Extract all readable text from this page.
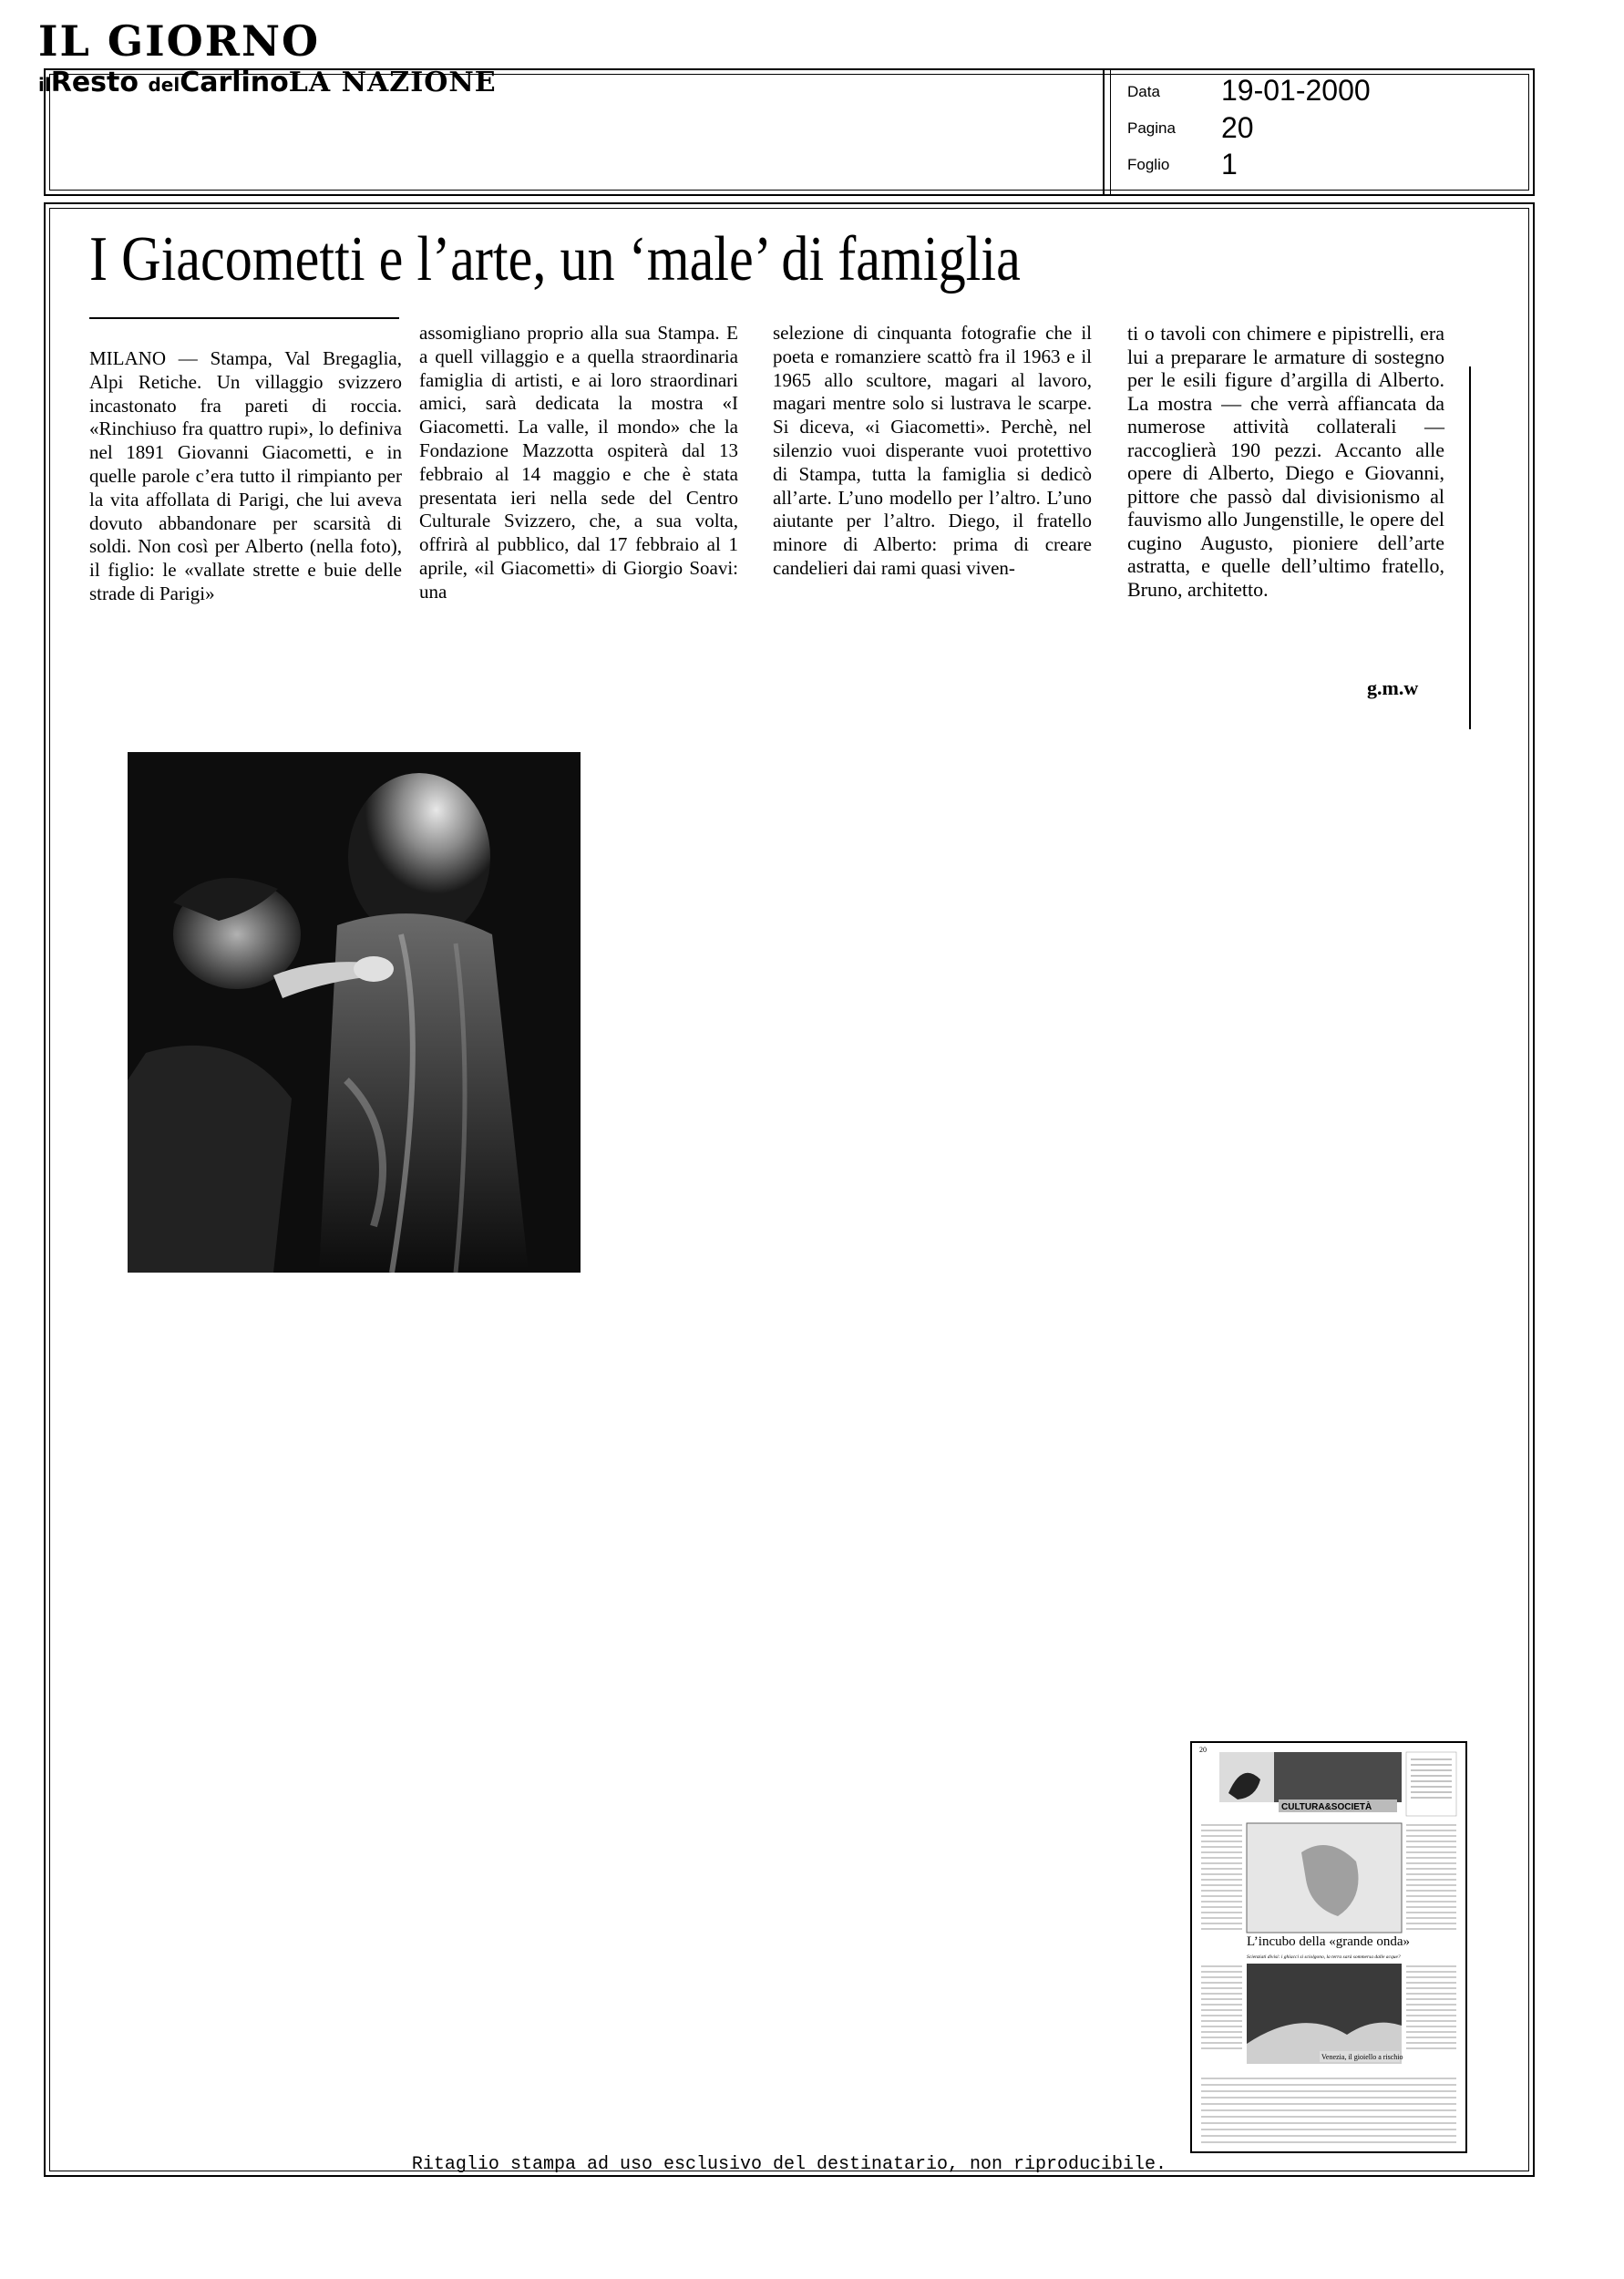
IL GIORNO
ilResto delCarlinoLA NAZIONE	Data 19-01-2000
Pagina 20
Foglio 1
I Giacometti e l’arte, un ‘male’ di famiglia

MILANO — Stampa, Val Bregaglia, Alpi Retiche. Un villaggio svizzero incastonato fra pareti di roccia. «Rinchiuso fra quattro rupi», lo definiva nel 1891 Giovanni Giacometti, e in quelle parole c’era tutto il rimpianto per la vita affollata di Parigi, che lui aveva dovuto abbandonare per scarsità di soldi. Non così per Alberto (nella foto), il figlio: le «vallate strette e buie delle strade di Parigi»

assomigliano proprio alla sua Stampa. E a quell villaggio e a quella straordinaria famiglia di artisti, e ai loro straordinari amici, sarà dedicata la mostra «I Giacometti. La valle, il mondo» che la Fondazione Mazzotta ospiterà dal 13 febbraio al 14 maggio e che è stata presentata ieri nella sede del Centro Culturale Svizzero, che, a sua volta, offrirà al pubblico, dal 17 febbraio al 1 aprile, «il Giacometti» di Giorgio Soavi: una

selezione di cinquanta fotografie che il poeta e romanziere scattò fra il 1963 e il 1965 allo scultore, magari al lavoro, magari mentre solo si lustrava le scarpe. Si diceva, «i Giacometti». Perchè, nel silenzio vuoi disperante vuoi protettivo di Stampa, tutta la famiglia si dedicò all’arte. L’uno modello per l’altro. L’uno aiutante per l’altro. Diego, il fratello minore di Alberto: prima di creare candelieri dai rami quasi viven-

ti o tavoli con chimere e pipistrelli, era lui a preparare le armature di sostegno per le esili figure d’argilla di Alberto. La mostra — che verrà affiancata da numerose attività collaterali — raccoglierà 190 pezzi. Accanto alle opere di Alberto, Diego e Giovanni, pittore che passò dal divisionismo al fauvismo allo Jungenstille, le opere del cugino Augusto, pioniere dell’arte astratta, e quelle dell’ultimo fratello, Bruno, architetto.

g.m.w
20
CULTURA&SOCIETÀ
L’incubo della «grande onda»
Scienziati divisi: i ghiacci si sciolgono, la terra sarà sommersa dalle acque?
Venezia, il gioiello a rischio
Ritaglio stampa ad uso esclusivo del destinatario, non riproducibile.
